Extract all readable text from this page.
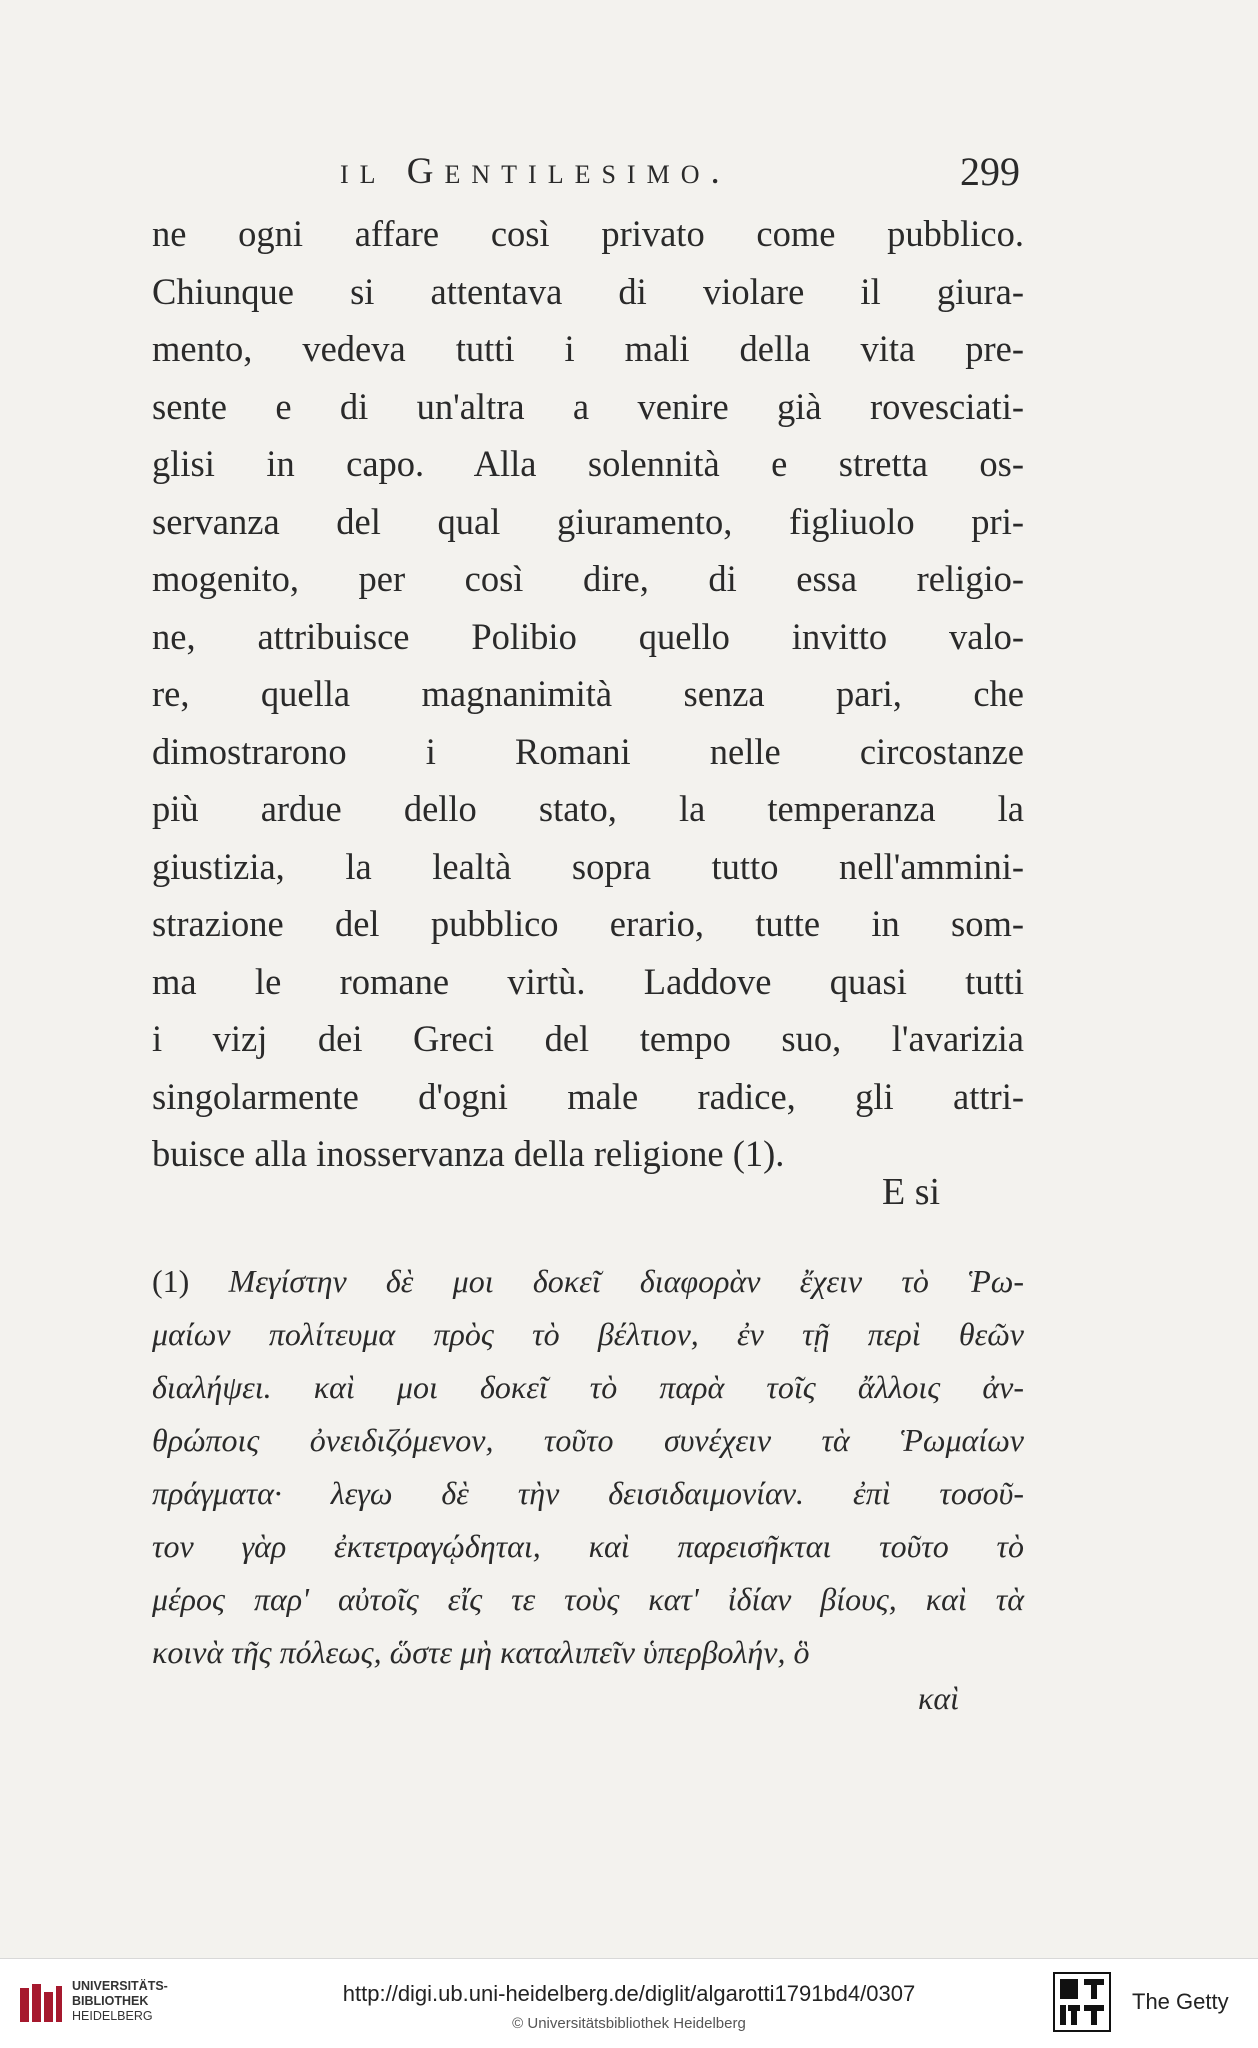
il Gentilesimo.	299
ne ogni affare così privato come pubblico.
Chiunque si attentava di violare il giura-
mento, vedeva tutti i mali della vita pre-
sente e di un'altra a venire già rovesciati-
glisi in capo. Alla solennità e stretta os-
servanza del qual giuramento, figliuolo pri-
mogenito, per così dire, di essa religio-
ne, attribuisce Polibio quello invitto valo-
re, quella magnanimità senza pari, che
dimostrarono i Romani nelle circostanze
più ardue dello stato, la temperanza la
giustizia, la lealtà sopra tutto nell'ammini-
strazione del pubblico erario, tutte in som-
ma le romane virtù. Laddove quasi tutti
i vizj dei Greci del tempo suo, l'avarizia
singolarmente d'ogni male radice, gli attri-
buisce alla inosservanza della religione (1).
E si
(1) Μεγίστην δὲ μοι δοκεῖ διαφορὰν ἔχειν τὸ Ῥω-
μαίων πολίτευμα πρὸς τὸ βέλτιον, ἐν τῇ περὶ θεῶν
διαλήψει. καὶ μοι δοκεῖ τὸ παρὰ τοῖς ἄλλοις ἀν-
θρώποις ὀνειδιζόμενον, τοῦτο συνέχειν τὰ Ῥωμαίων
πράγματα· λεγω δὲ τὴν δεισιδαιμονίαν. ἐπὶ τοσοῦ-
τον γὰρ ἐκτετραγῴδηται, καὶ παρεισῆκται τοῦτο τὸ
μέρος παρ' αὐτοῖς εἴς τε τοὺς κατ' ἰδίαν βίους, καὶ τὰ
κοινὰ τῆς πόλεως, ὥστε μὴ καταλιπεῖν ὑπερβολήν, ὃ
καὶ
UNIVERSITÄTS-
BIBLIOTHEK
HEIDELBERG
http://digi.ub.uni-heidelberg.de/diglit/algarotti1791bd4/0307
© Universitätsbibliothek Heidelberg
The Getty
